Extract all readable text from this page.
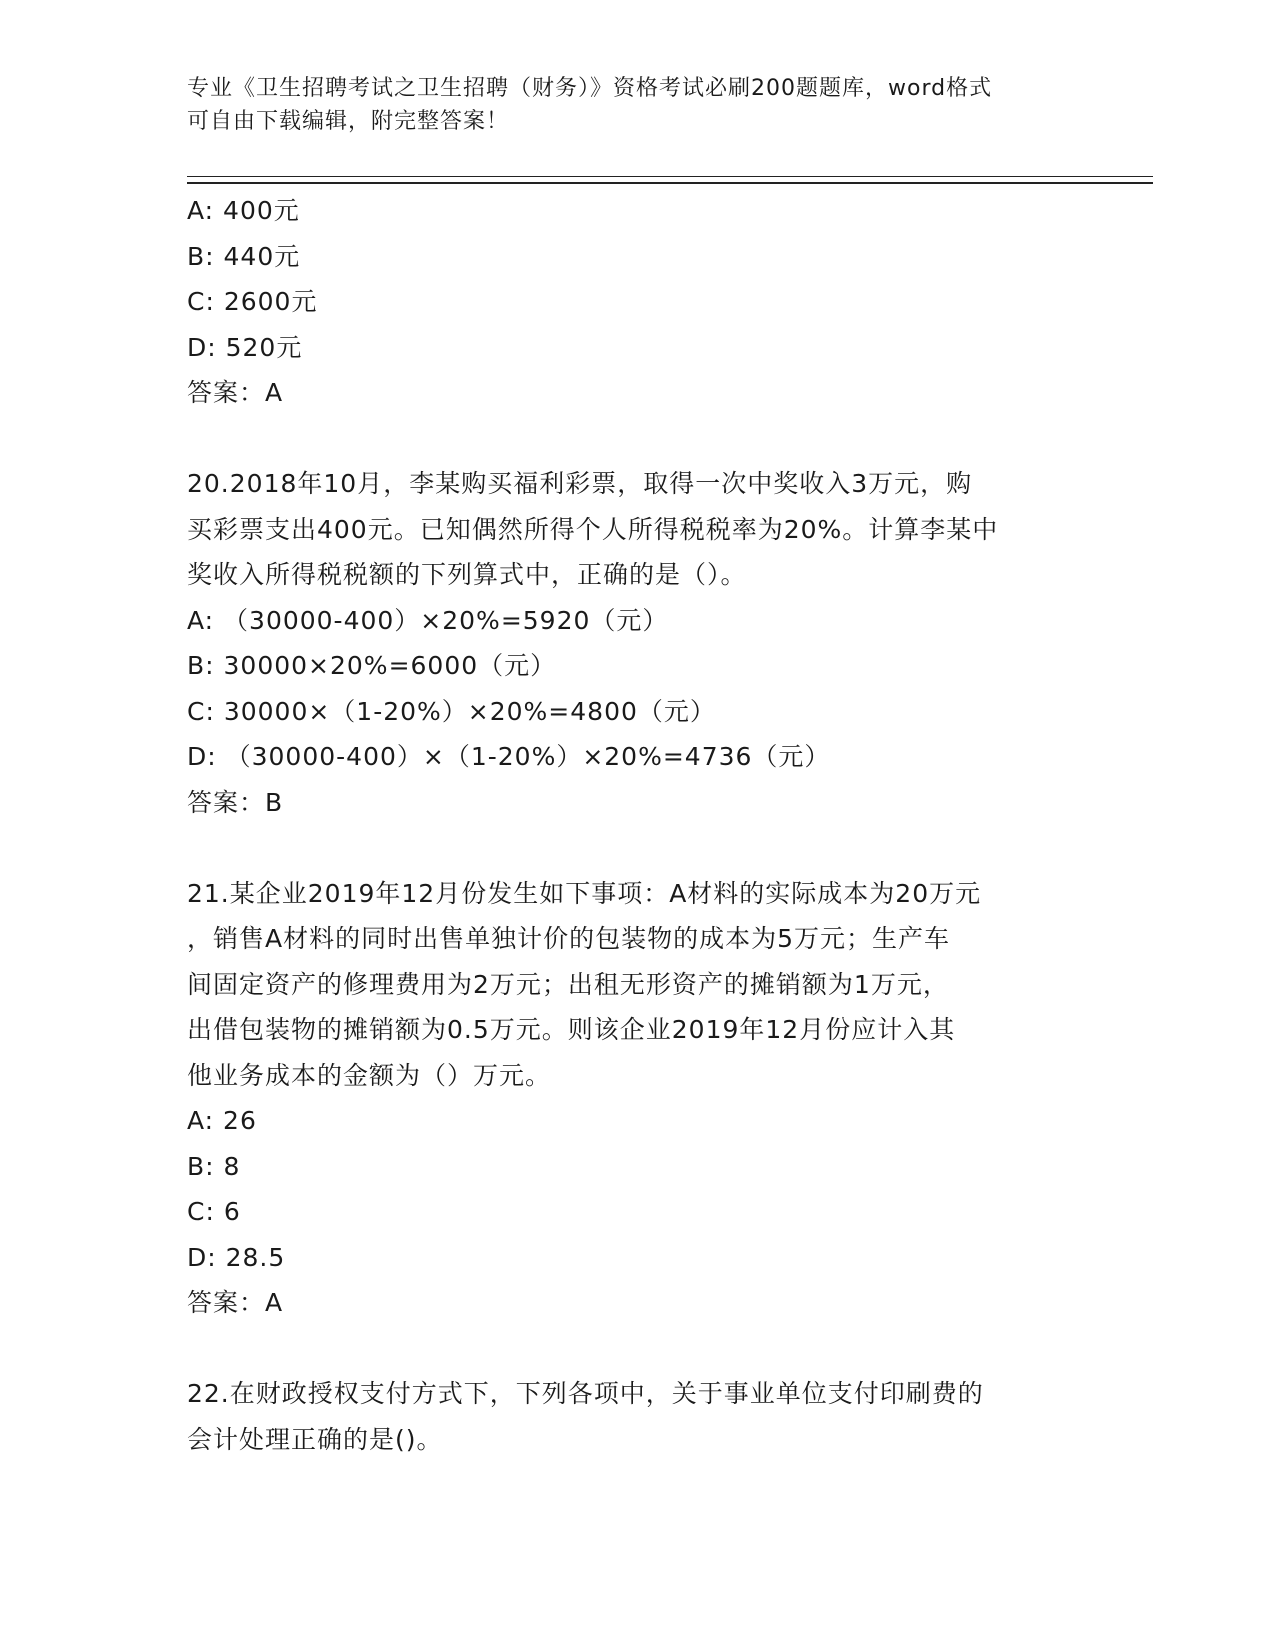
专业《卫生招聘考试之卫生招聘（财务）》资格考试必刷200题题库，word格式
可自由下载编辑，附完整答案！
A: 400元
B: 440元
C: 2600元
D: 520元
答案：A
20.2018年10月，李某购买福利彩票，取得一次中奖收入3万元，购
买彩票支出400元。已知偶然所得个人所得税税率为20%。计算李某中
奖收入所得税税额的下列算式中，正确的是（）。
A: （30000-400）×20%=5920（元）
B: 30000×20%=6000（元）
C: 30000×（1-20%）×20%=4800（元）
D: （30000-400）×（1-20%）×20%=4736（元）
答案：B
21.某企业2019年12月份发生如下事项：A材料的实际成本为20万元
，销售A材料的同时出售单独计价的包装物的成本为5万元；生产车
间固定资产的修理费用为2万元；出租无形资产的摊销额为1万元，
出借包装物的摊销额为0.5万元。则该企业2019年12月份应计入其
他业务成本的金额为（）万元。
A: 26
B: 8
C: 6
D: 28.5
答案：A
22.在财政授权支付方式下，下列各项中，关于事业单位支付印刷费的
会计处理正确的是()。
